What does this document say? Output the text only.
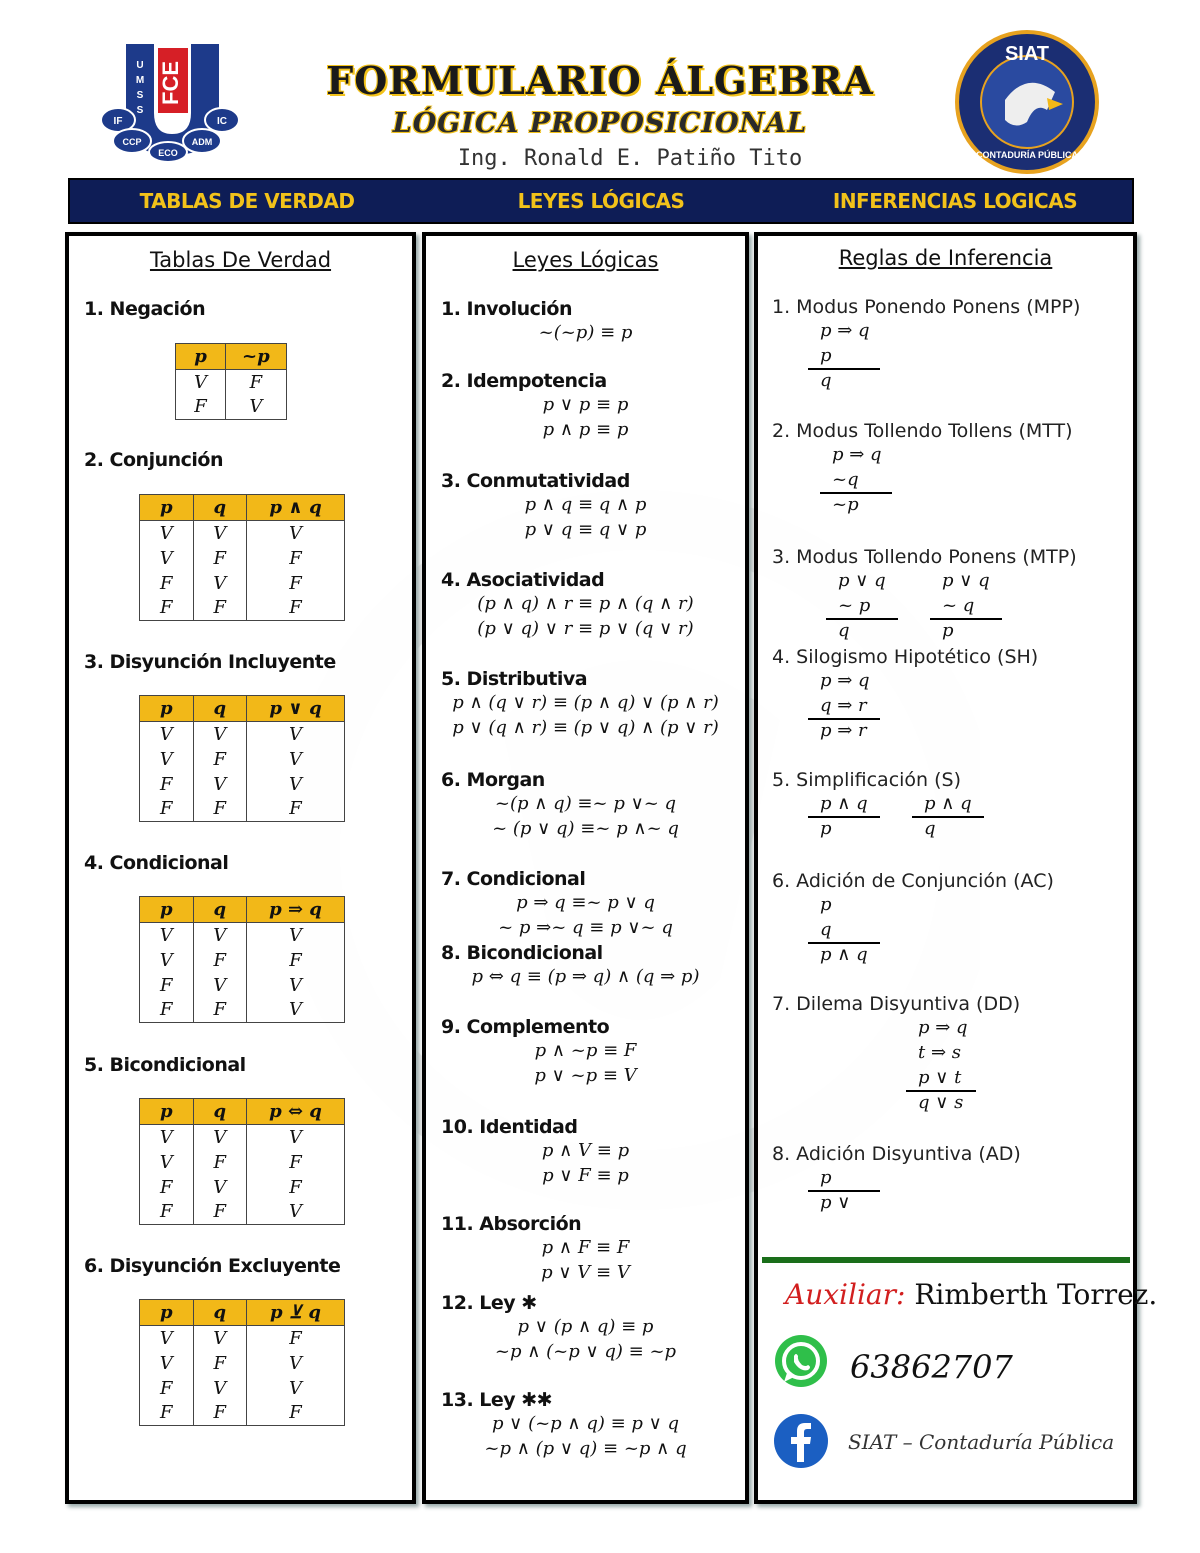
FCE
U
M
S
S
IF	IC
CCP	ADM
ECO
SIAT
CONTADURÍA PÚBLICA
FORMULARIO ÁLGEBRA
LÓGICA PROPOSICIONAL
Ing. Ronald E. Patiño Tito
TABLAS DE VERDAD	LEYES LÓGICAS	INFERENCIAS LOGICAS
Tablas De Verdad
1. Negación
p	~p
V	F
F	V
2. Conjunción
p	q	p ∧ q
V	V	V
V	F	F
F	V	F
F	F	F
3. Disyunción Incluyente
p	q	p ∨ q
V	V	V
V	F	V
F	V	V
F	F	F
4. Condicional
p	q	p ⇒ q
V	V	V
V	F	F
F	V	V
F	F	V
5. Bicondicional
p	q	p ⇔ q
V	V	V
V	F	F
F	V	F
F	F	V
6. Disyunción Excluyente
p	q	p ⊻ q
V	V	F
V	F	V
F	V	V
F	F	F
Leyes Lógicas
1. Involución
~(~p) ≡ p
2. Idempotencia
p ∨ p ≡ p
p ∧ p ≡ p
3. Conmutatividad
p ∧ q ≡ q ∧ p
p ∨ q ≡ q ∨ p
4. Asociatividad
(p ∧ q) ∧ r ≡ p ∧ (q ∧ r)
(p ∨ q) ∨ r ≡ p ∨ (q ∨ r)
5. Distributiva
p ∧ (q ∨ r) ≡ (p ∧ q) ∨ (p ∧ r)
p ∨ (q ∧ r) ≡ (p ∨ q) ∧ (p ∨ r)
6. Morgan
~(p ∧ q) ≡~ p ∨~ q
~ (p ∨ q) ≡~ p ∧~ q
7. Condicional
p ⇒ q ≡~ p ∨ q
~ p ⇒~ q ≡ p ∨~ q
8. Bicondicional
p ⇔ q ≡ (p ⇒ q) ∧ (q ⇒ p)
9. Complemento
p ∧ ~p ≡ F
p ∨ ~p ≡ V
10. Identidad
p ∧ V ≡ p
p ∨ F ≡ p
11. Absorción
p ∧ F ≡ F
p ∨ V ≡ V
12. Ley ✱
p ∨ (p ∧ q) ≡ p
~p ∧ (~p ∨ q) ≡ ~p
13. Ley ✱✱
p ∨ (~p ∧ q) ≡ p ∨ q
~p ∧ (p ∨ q) ≡ ~p ∧ q
Reglas de Inferencia
1. Modus Ponendo Ponens (MPP)
p ⇒ q
p
q
2. Modus Tollendo Tollens (MTT)
p ⇒ q
~q
~p
3. Modus Tollendo Ponens (MTP)
p ∨ q
~ p
q
p ∨ q
~ q
p
4. Silogismo Hipotético (SH)
p ⇒ q
q ⇒ r
p ⇒ r
5. Simplificación (S)
p ∧ q
p
p ∧ q
q
6. Adición de Conjunción (AC)
p
q
p ∧ q
7. Dilema Disyuntiva (DD)
p ⇒ q
t ⇒ s
p ∨ t
q ∨ s
8. Adición Disyuntiva (AD)
p
p ∨
Auxiliar: Rimberth Torrez.
63862707
SIAT – Contaduría Pública
